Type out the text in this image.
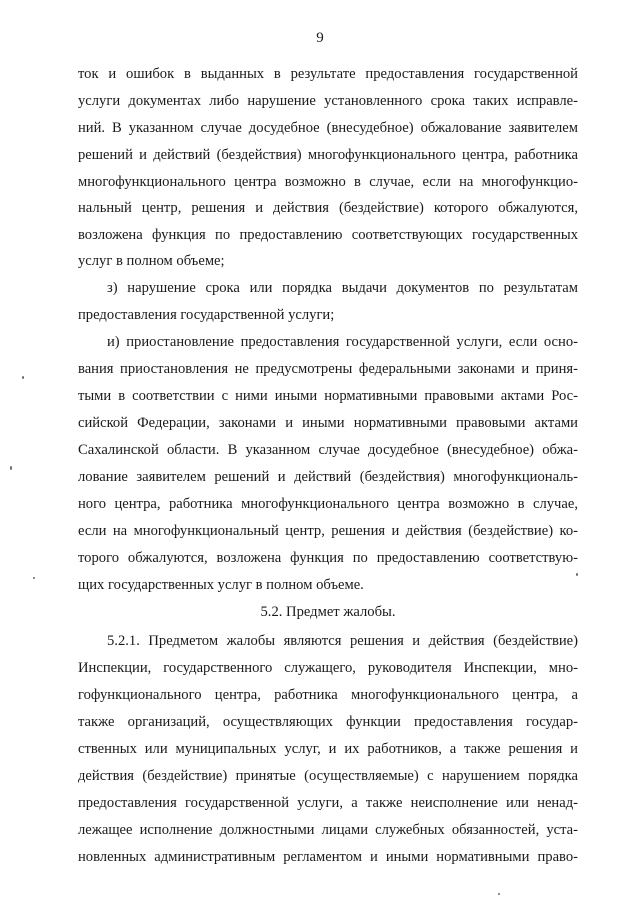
9
ток и ошибок в выданных в результате предоставления государственной
услуги документах либо нарушение установленного срока таких исправле-
ний. В указанном случае досудебное (внесудебное) обжалование заявителем
решений и действий (бездействия) многофункционального центра, работника
многофункционального центра возможно в случае, если на многофункцио-
нальный центр, решения и действия (бездействие) которого обжалуются,
возложена функция по предоставлению соответствующих государственных
услуг в полном объеме;
з) нарушение срока или порядка выдачи документов по результатам
предоставления государственной услуги;
и) приостановление предоставления государственной услуги, если осно-
вания приостановления не предусмотрены федеральными законами и приня-
тыми в соответствии с ними иными нормативными правовыми актами Рос-
сийской Федерации, законами и иными нормативными правовыми актами
Сахалинской области. В указанном случае досудебное (внесудебное) обжа-
лование заявителем решений и действий (бездействия) многофункциональ-
ного центра, работника многофункционального центра возможно в случае,
если на многофункциональный центр, решения и действия (бездействие) ко-
торого обжалуются, возложена функция по предоставлению соответствую-
щих государственных услуг в полном объеме.
5.2. Предмет жалобы.
5.2.1. Предметом жалобы являются решения и действия (бездействие)
Инспекции, государственного служащего, руководителя Инспекции, мно-
гофункционального центра, работника многофункционального центра, а
также организаций, осуществляющих функции предоставления государ-
ственных или муниципальных услуг, и их работников, а также решения и
действия (бездействие) принятые (осуществляемые) с нарушением порядка
предоставления государственной услуги, а также неисполнение или ненад-
лежащее исполнение должностными лицами служебных обязанностей, уста-
новленных административным регламентом и иными нормативными право-
